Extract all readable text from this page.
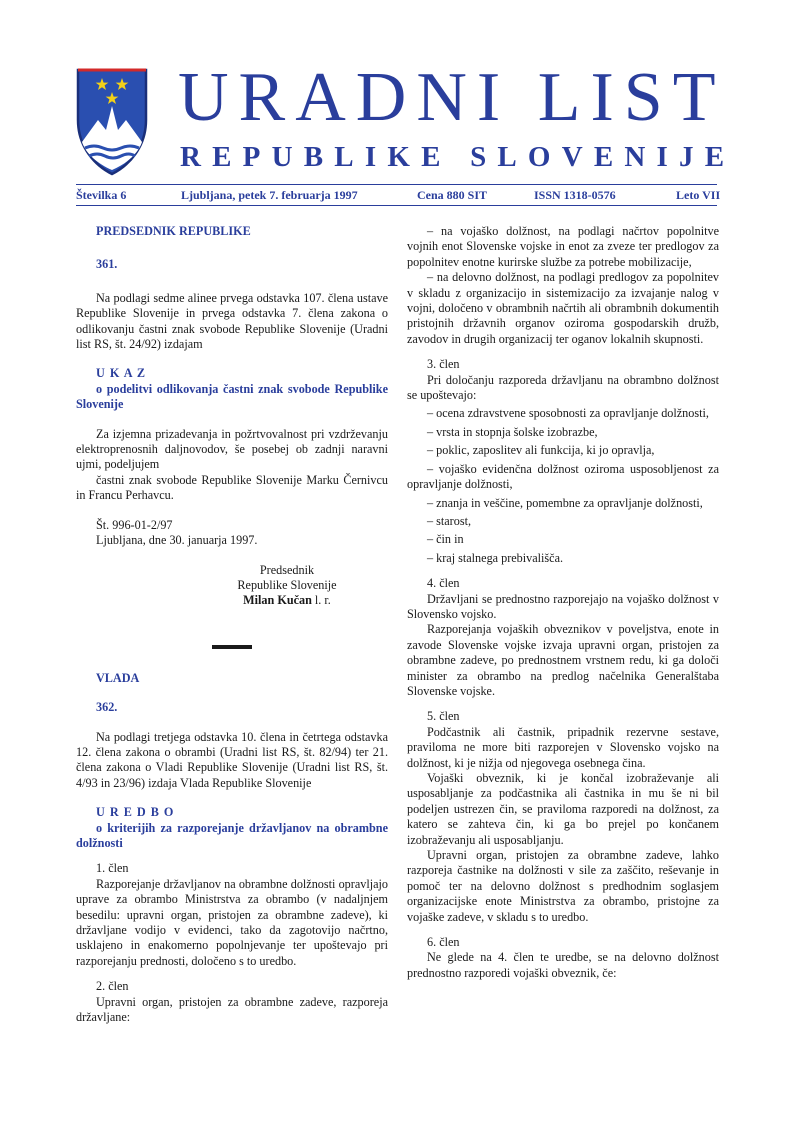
URADNI LIST
REPUBLIKE SLOVENIJE
Številka 6	Ljubljana, petek 7. februarja 1997	Cena 880 SIT	ISSN 1318-0576	Leto VII

PREDSEDNIK REPUBLIKE

361.

Na podlagi sedme alinee prvega odstavka 107. člena ustave Republike Slovenije in prvega odstavka 7. člena zakona o odlikovanju častni znak svobode Republike Slovenije (Uradni list RS, št. 24/92) izdajam

U K A Z

o podelitvi odlikovanja častni znak svobode Republike Slovenije

Za izjemna prizadevanja in požrtvovalnost pri vzdrževanju elektroprenosnih daljnovodov, še posebej ob zadnji naravni ujmi, podeljujem

častni znak svobode Republike Slovenije Marku Černivcu in Francu Perhavcu.

Št. 996-01-2/97

Ljubljana, dne 30. januarja 1997.

Predsednik
Republike Slovenije
Milan Kučan l. r.

VLADA

362.

Na podlagi tretjega odstavka 10. člena in četrtega odstavka 12. člena zakona o obrambi (Uradni list RS, št. 82/94) ter 21. člena zakona o Vladi Republike Slovenije (Uradni list RS, št. 4/93 in 23/96) izdaja Vlada Republike Slovenije

U R E D B O

o kriterijih za razporejanje državljanov na obrambne dolžnosti

1. člen

Razporejanje državljanov na obrambne dolžnosti opravljajo uprave za obrambo Ministrstva za obrambo (v nadaljnjem besedilu: upravni organ, pristojen za obrambne zadeve), ki državljane vodijo v evidenci, tako da zagotovijo načrtno, usklajeno in enakomerno popolnjevanje ter upoštevajo pri razporejanju prednosti, določeno s to uredbo.

2. člen

Upravni organ, pristojen za obrambne zadeve, razporeja državljane:

– na vojaško dolžnost, na podlagi načrtov popolnitve vojnih enot Slovenske vojske in enot za zveze ter predlogov za popolnitev enotne kurirske službe za potrebe mobilizacije,

– na delovno dolžnost, na podlagi predlogov za popolnitev v skladu z organizacijo in sistemizacijo za izvajanje nalog v vojni, določeno v obrambnih načrtih ali obrambnih dokumentih pristojnih državnih organov oziroma gospodarskih družb, zavodov in drugih organizacij ter oganov lokalnih skupnosti.

3. člen

Pri določanju razporeda državljanu na obrambno dolžnost se upoštevajo:

– ocena zdravstvene sposobnosti za opravljanje dolžnosti,

– vrsta in stopnja šolske izobrazbe,

– poklic, zaposlitev ali funkcija, ki jo opravlja,

– vojaško evidenčna dolžnost oziroma usposobljenost za opravljanje dolžnosti,

– znanja in veščine, pomembne za opravljanje dolžnosti,

– starost,

– čin in

– kraj stalnega prebivališča.

4. člen

Državljani se prednostno razporejajo na vojaško dolžnost v Slovensko vojsko.

Razporejanja vojaških obveznikov v poveljstva, enote in zavode Slovenske vojske izvaja upravni organ, pristojen za obrambne zadeve, po prednostnem vrstnem redu, ki ga določi minister za obrambo na predlog načelnika Generalštaba Slovenske vojske.

5. člen

Podčastnik ali častnik, pripadnik rezervne sestave, praviloma ne more biti razporejen v Slovensko vojsko na dolžnost, ki je nižja od njegovega osebnega čina.

Vojaški obveznik, ki je končal izobraževanje ali usposabljanje za podčastnika ali častnika in mu še ni bil podeljen ustrezen čin, se praviloma razporedi na dolžnost, za katero se zahteva čin, ki ga bo prejel po končanem izobraževanju ali usposabljanju.

Upravni organ, pristojen za obrambne zadeve, lahko razporeja častnike na dolžnosti v sile za zaščito, reševanje in pomoč ter na delovno dolžnost s predhodnim soglasjem organizacijske enote Ministrstva za obrambo, pristojne za vojaške zadeve, v skladu s to uredbo.

6. člen

Ne glede na 4. člen te uredbe, se na delovno dolžnost prednostno razporedi vojaški obveznik, če:
